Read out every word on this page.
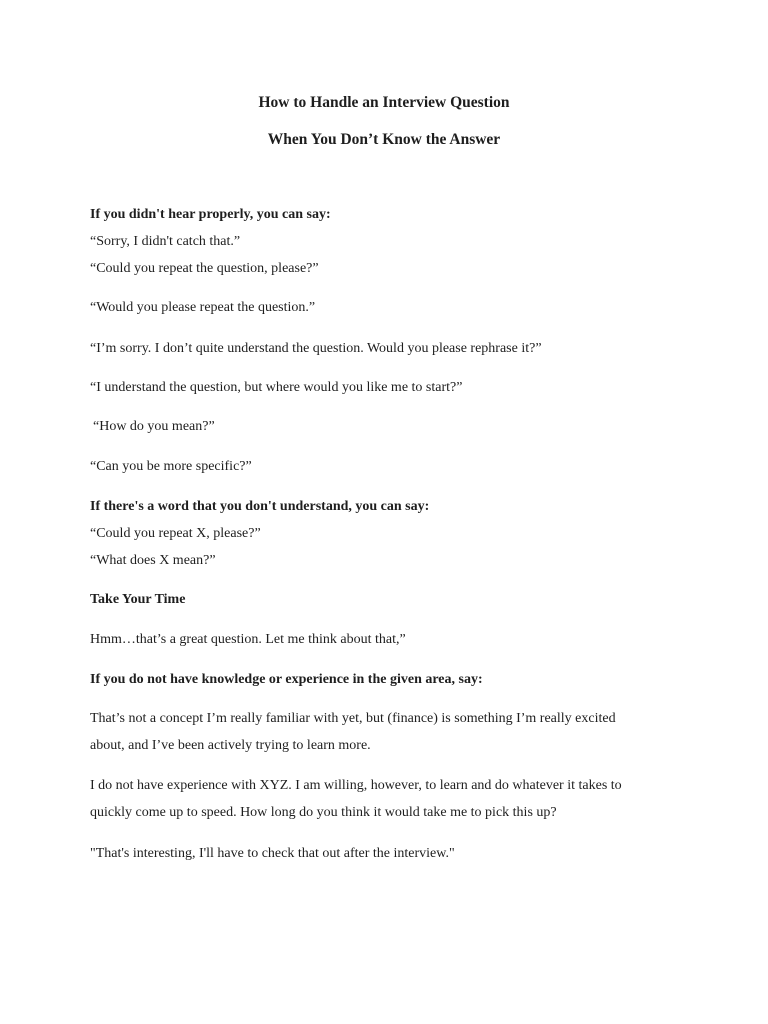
How to Handle an Interview Question

When You Don’t Know the Answer

If you didn't hear properly, you can say:

“Sorry, I didn't catch that.”

“Could you repeat the question, please?”

“Would you please repeat the question.”

“I’m sorry. I don’t quite understand the question. Would you please rephrase it?”

“I understand the question, but where would you like me to start?”

“How do you mean?”

“Can you be more specific?”

If there's a word that you don't understand, you can say:

“Could you repeat X, please?”

“What does X mean?”

Take Your Time

Hmm…that’s a great question. Let me think about that,”

If you do not have knowledge or experience in the given area, say:

That’s not a concept I’m really familiar with yet, but (finance) is something I’m really excited

about, and I’ve been actively trying to learn more.

I do not have experience with XYZ. I am willing, however, to learn and do whatever it takes to

quickly come up to speed. How long do you think it would take me to pick this up?

"That's interesting, I'll have to check that out after the interview."
